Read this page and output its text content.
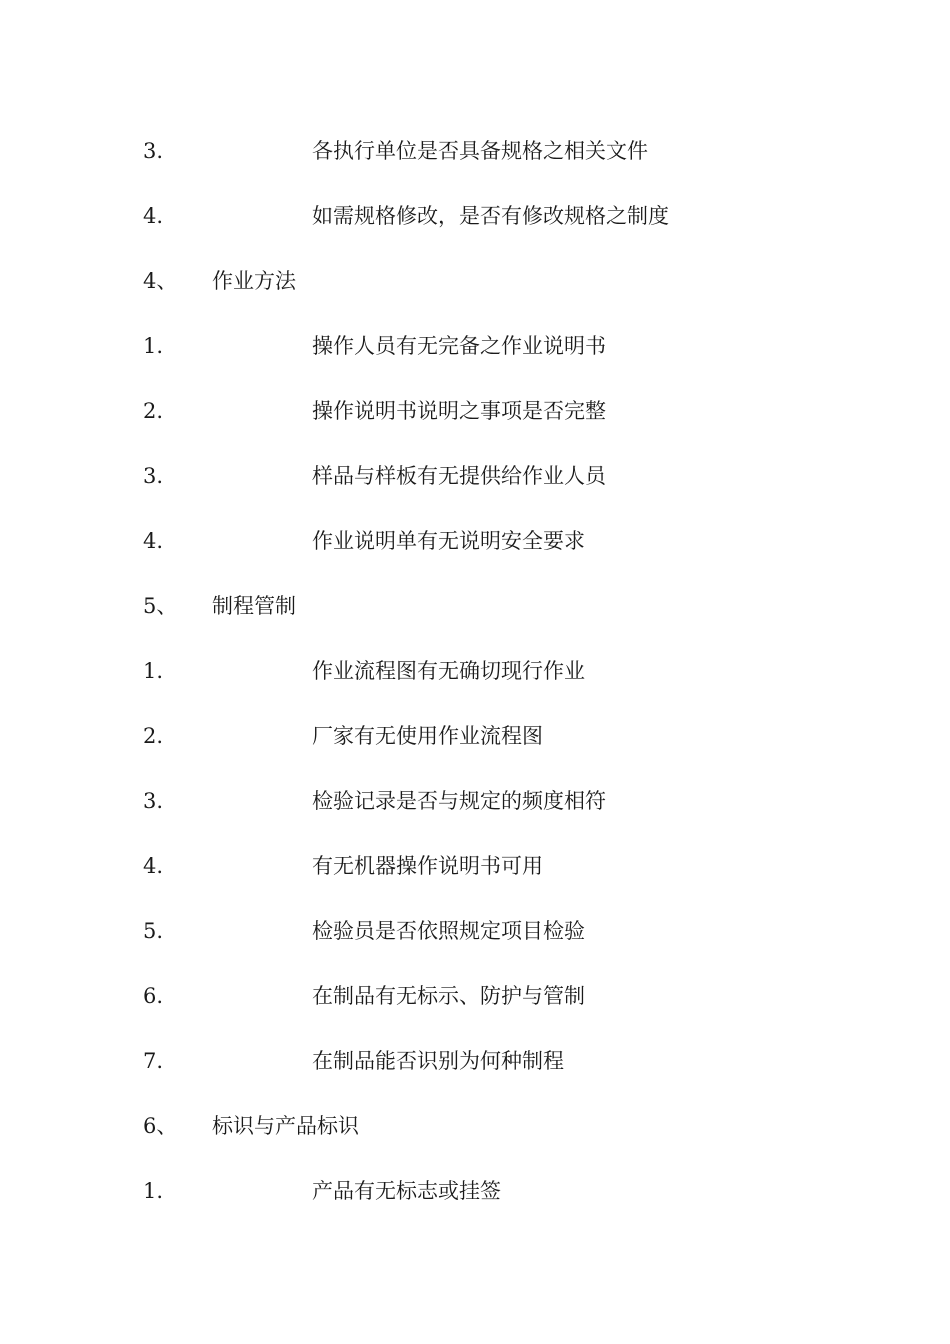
3.	各执行单位是否具备规格之相关文件
4.	如需规格修改，是否有修改规格之制度
4、 作业方法
1.	操作人员有无完备之作业说明书
2.	操作说明书说明之事项是否完整
3.	样品与样板有无提供给作业人员
4.	作业说明单有无说明安全要求
5、 制程管制
1.	作业流程图有无确切现行作业
2.	厂家有无使用作业流程图
3.	检验记录是否与规定的频度相符
4.	有无机器操作说明书可用
5.	检验员是否依照规定项目检验
6.	在制品有无标示、防护与管制
7.	在制品能否识别为何种制程
6、 标识与产品标识
1.	产品有无标志或挂签
